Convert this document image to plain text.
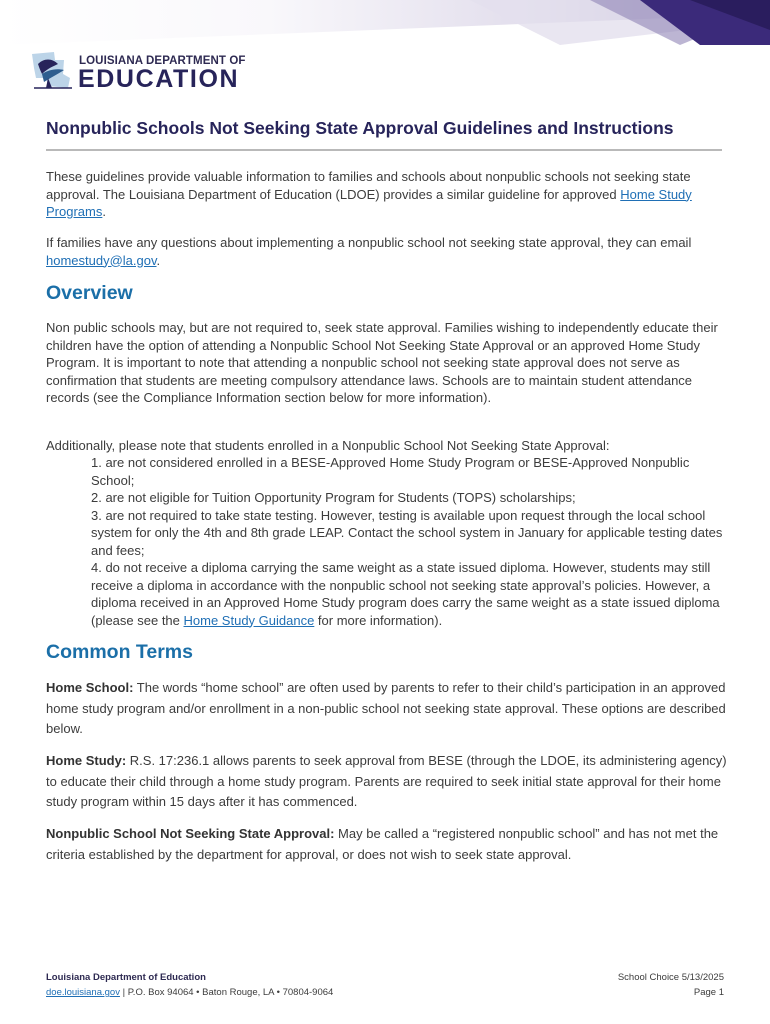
LOUISIANA DEPARTMENT OF
EDUCATION
Nonpublic Schools Not Seeking State Approval Guidelines and Instructions

These guidelines provide valuable information to families and schools about nonpublic schools not seeking state approval. The Louisiana Department of Education (LDOE) provides a similar guideline for approved Home Study Programs.

If families have any questions about implementing a nonpublic school not seeking state approval, they can email homestudy@la.gov.

Overview

Non public schools may, but are not required to, seek state approval. Families wishing to independently educate their children have the option of attending a Nonpublic School Not Seeking State Approval or an approved Home Study Program. It is important to note that attending a nonpublic school not seeking state approval does not serve as confirmation that students are meeting compulsory attendance laws. Schools are to maintain student attendance records (see the Compliance Information section below for more information).

Additionally, please note that students enrolled in a Nonpublic School Not Seeking State Approval:

1. are not considered enrolled in a BESE-Approved Home Study Program or BESE-Approved Nonpublic School;
2. are not eligible for Tuition Opportunity Program for Students (TOPS) scholarships;
3. are not required to take state testing. However, testing is available upon request through the local school system for only the 4th and 8th grade LEAP. Contact the school system in January for applicable testing dates and fees;
4. do not receive a diploma carrying the same weight as a state issued diploma. However, students may still receive a diploma in accordance with the nonpublic school not seeking state approval’s policies. However, a diploma received in an Approved Home Study program does carry the same weight as a state issued diploma (please see the Home Study Guidance for more information).
Common Terms

Home School: The words “home school” are often used by parents to refer to their child’s participation in an approved home study program and/or enrollment in a non-public school not seeking state approval. These options are described below.

Home Study: R.S. 17:236.1 allows parents to seek approval from BESE (through the LDOE, its administering agency) to educate their child through a home study program. Parents are required to seek initial state approval for their home study program within 15 days after it has commenced.

Nonpublic School Not Seeking State Approval: May be called a “registered nonpublic school” and has not met the criteria established by the department for approval, or does not wish to seek state approval.

Louisiana Department of Education
doe.louisiana.gov | P.O. Box 94064 • Baton Rouge, LA • 70804-9064
School Choice 5/13/2025
Page 1
